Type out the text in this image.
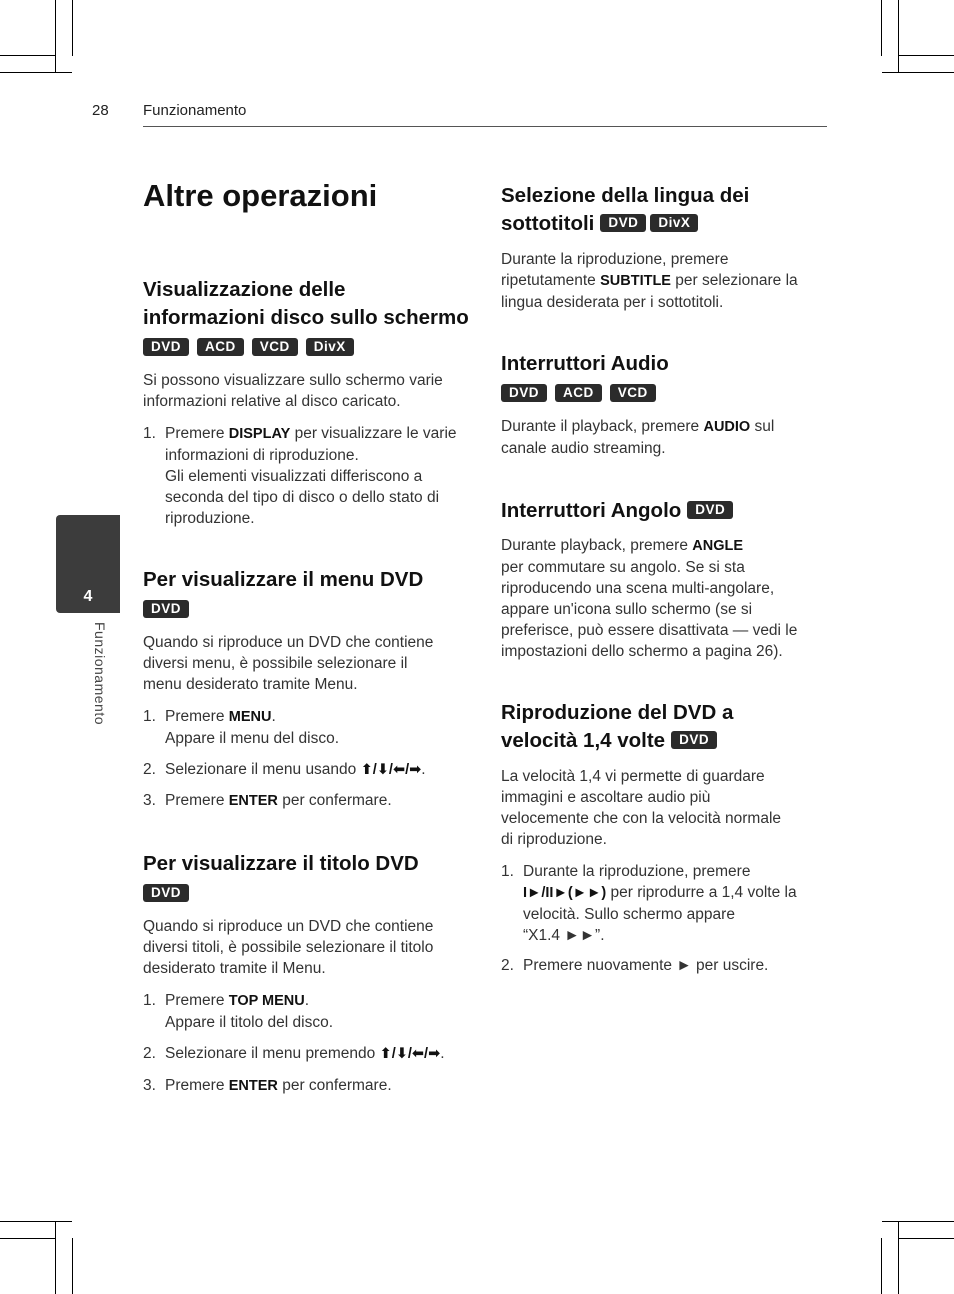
28 Funzionamento
4
Funzionamento
Altre operazioni
Visualizzazione delle
informazioni disco sullo schermo
DVD	ACD	VCD	DivX

Si possono visualizzare sullo schermo varie
informazioni relative al disco caricato.

1. Premere DISPLAY per visualizzare le varie
informazioni di riproduzione.
Gli elementi visualizzati differiscono a
seconda del tipo di disco o dello stato di
riproduzione.
Per visualizzare il menu DVD
DVD

Quando si riproduce un DVD che contiene
diversi menu, è possibile selezionare il
menu desiderato tramite Menu.

1. Premere MENU.
Appare il menu del disco.
2. Selezionare il menu usando ⬆/⬇/⬅/➡.
3. Premere ENTER per confermare.
Per visualizzare il titolo DVD
DVD

Quando si riproduce un DVD che contiene
diversi titoli, è possibile selezionare il titolo
desiderato tramite il Menu.

1. Premere TOP MENU.
Appare il titolo del disco.
2. Selezionare il menu premendo ⬆/⬇/⬅/➡.
3. Premere ENTER per confermare.
Selezione della lingua dei
sottotitoli DVD DivX

Durante la riproduzione, premere
ripetutamente SUBTITLE per selezionare la
lingua desiderata per i sottotitoli.

Interruttori Audio
DVD	ACD	VCD

Durante il playback, premere AUDIO sul
canale audio streaming.

Interruttori Angolo DVD

Durante playback, premere ANGLE
per commutare su angolo. Se si sta
riproducendo una scena multi-angolare,
appare un'icona sullo schermo (se si
preferisce, può essere disattivata — vedi le
impostazioni dello schermo a pagina 26).

Riproduzione del DVD a
velocità 1,4 volte DVD

La velocità 1,4 vi permette di guardare
immagini e ascoltare audio più
velocemente che con la velocità normale
di riproduzione.

1. Durante la riproduzione, premere
I►/II►(►►) per riprodurre a 1,4 volte la
velocità. Sullo schermo appare
“X1.4 ►►”.
2. Premere nuovamente ► per uscire.
